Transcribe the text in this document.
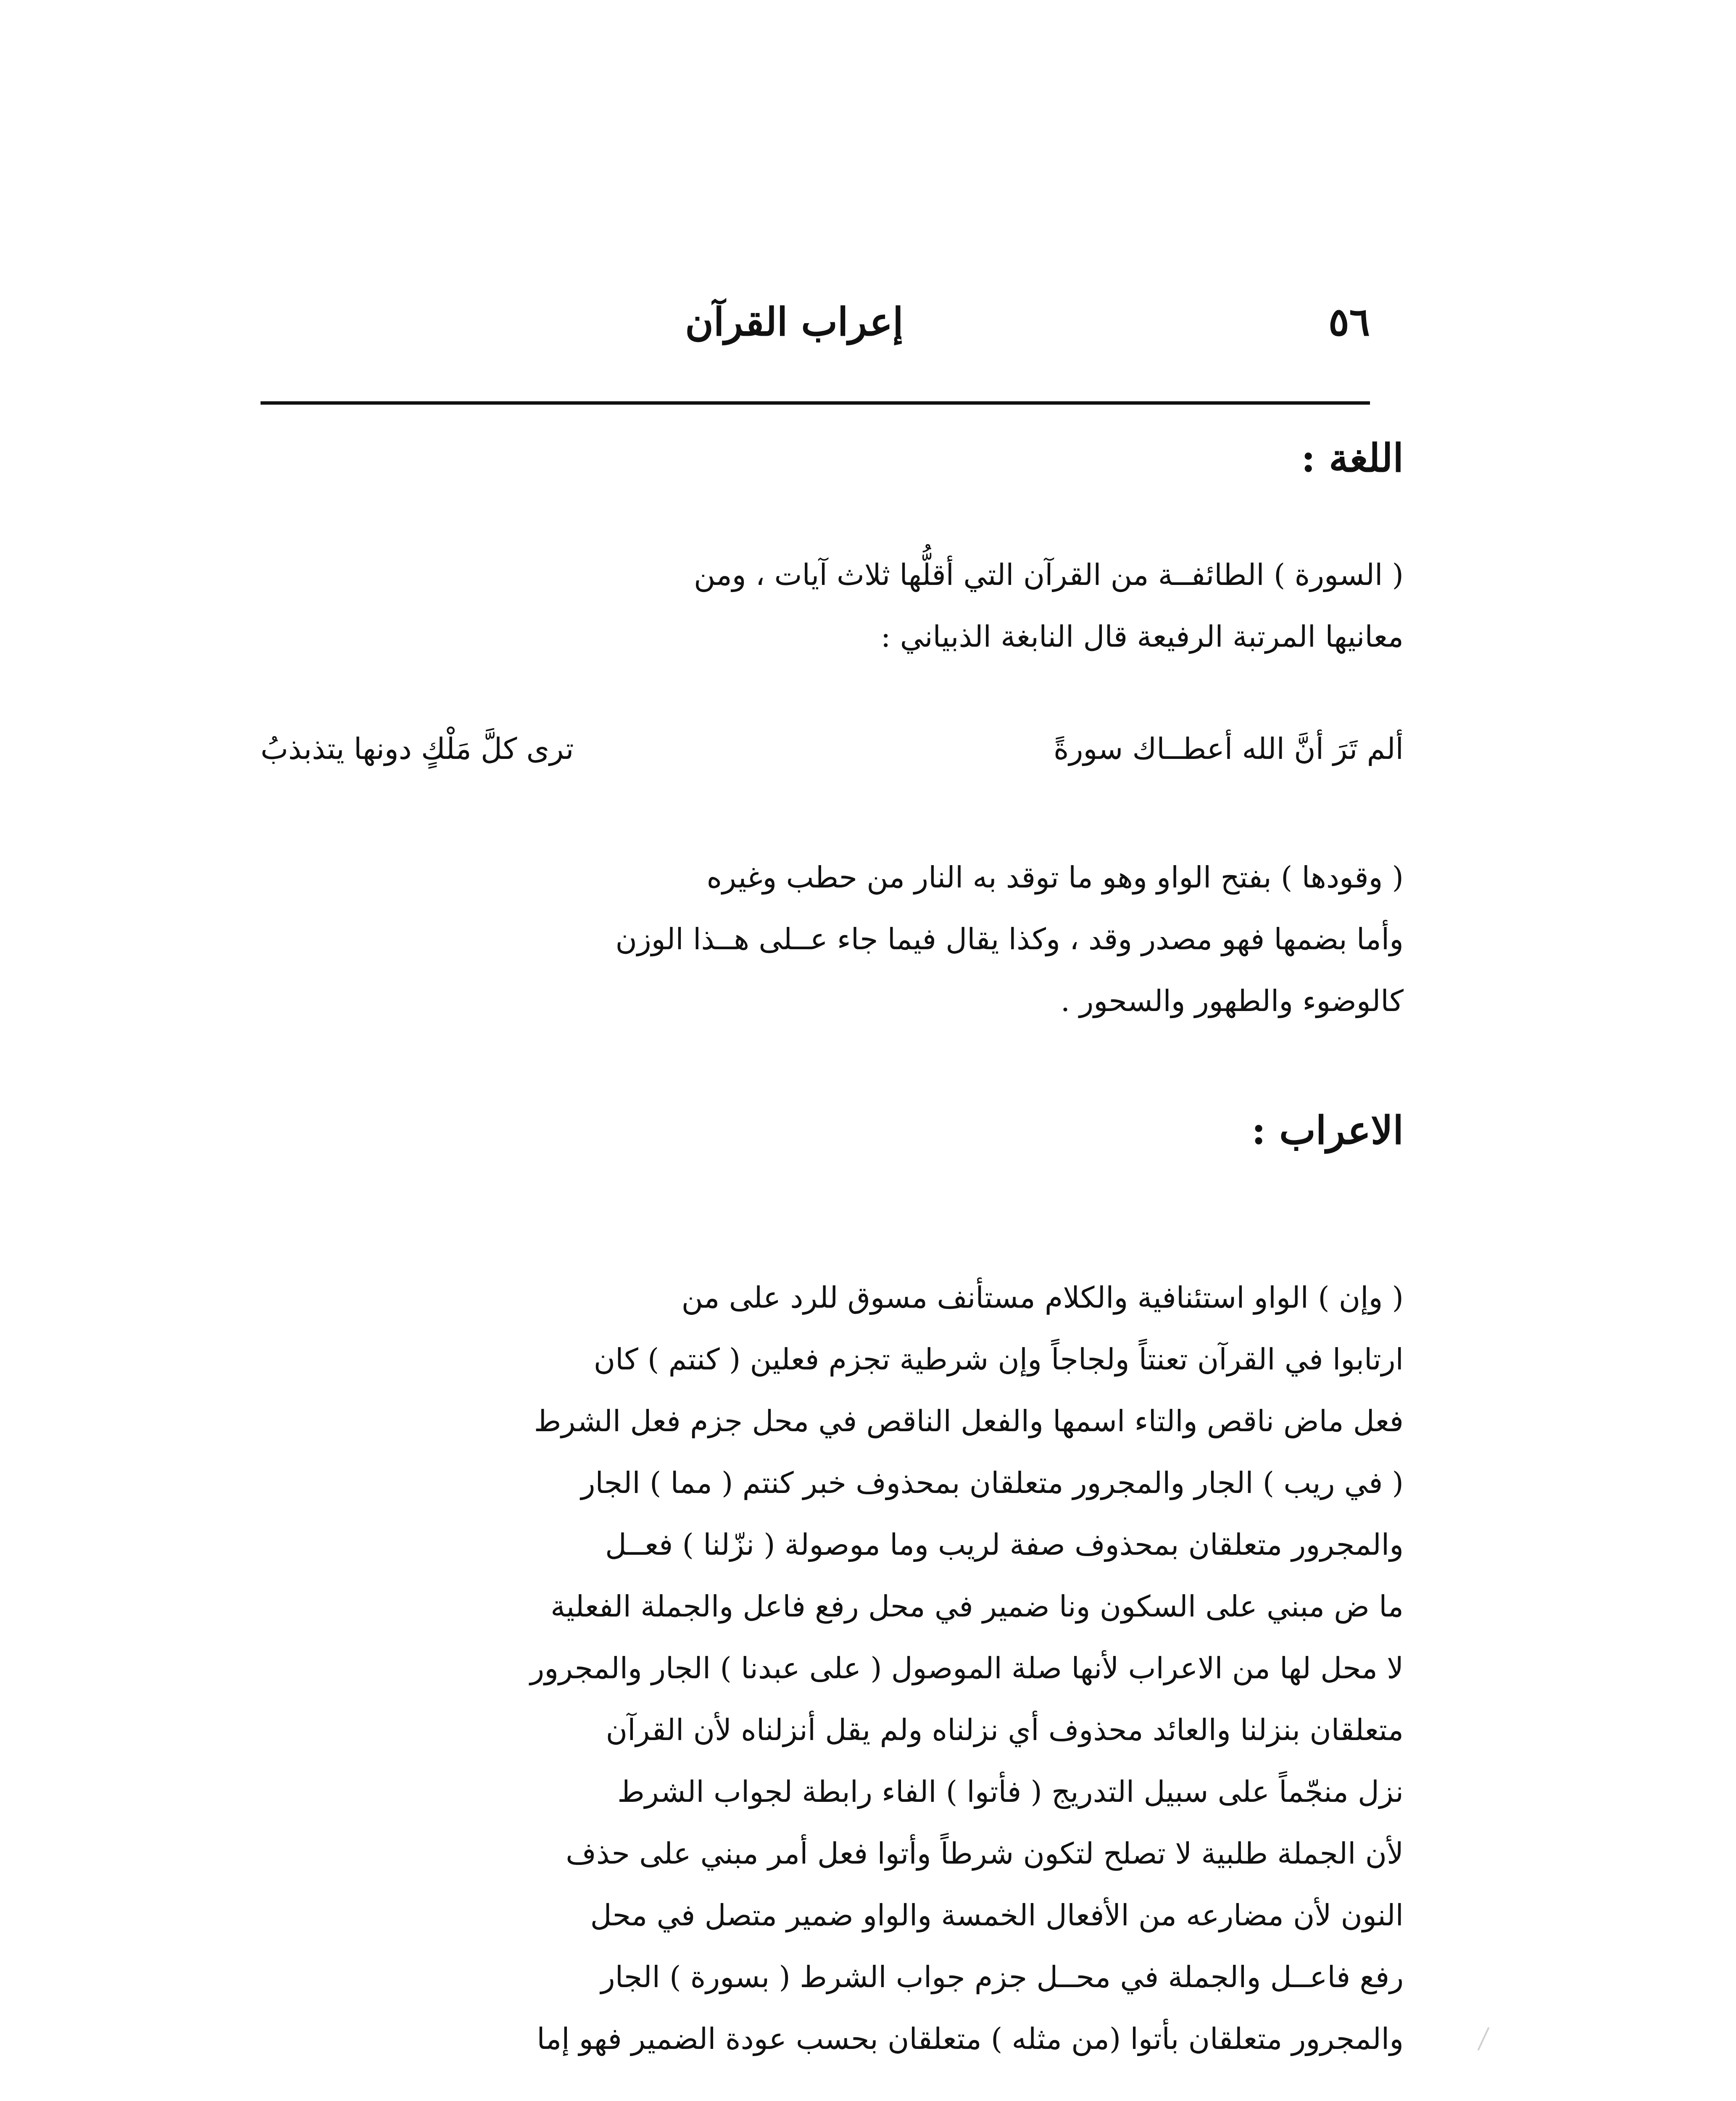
٥٦
إعراب القرآن
اللغة :

( السورة ) الطائفــة من القرآن التي أقلُّها ثلاث آيات ، ومن

معانيها المرتبة الرفيعة قال النابغة الذبياني :

ألم تَرَ أنَّ الله أعطــاك سورةً
ترى كلَّ مَلْكٍ دونها يتذبذبُ

( وقودها ) بفتح الواو وهو ما توقد به النار من حطب وغيره

وأما بضمها فهو مصدر وقد ، وكذا يقال فيما جاء عــلى هــذا الوزن

كالوضوء والطهور والسحور .

الاعراب :

( وإن ) الواو استئنافية والكلام مستأنف مسوق للرد على من

ارتابوا في القرآن تعنتاً ولجاجاً وإن شرطية تجزم فعلين ( كنتم ) كان

فعل ماض ناقص والتاء اسمها والفعل الناقص في محل جزم فعل الشرط

( في ريب ) الجار والمجرور متعلقان بمحذوف خبر كنتم ( مما ) الجار

والمجرور متعلقان بمحذوف صفة لريب وما موصولة ( نزّلنا ) فعــل

ما ض مبني على السكون ونا ضمير في محل رفع فاعل والجملة الفعلية

لا محل لها من الاعراب لأنها صلة الموصول ( على عبدنا ) الجار والمجرور

متعلقان بنزلنا والعائد محذوف أي نزلناه ولم يقل أنزلناه لأن القرآن

نزل منجّماً على سبيل التدريج ( فأتوا ) الفاء رابطة لجواب الشرط

لأن الجملة طلبية لا تصلح لتكون شرطاً وأتوا فعل أمر مبني على حذف

النون لأن مضارعه من الأفعال الخمسة والواو ضمير متصل في محل

رفع فاعــل والجملة في محــل جزم جواب الشرط ( بسورة ) الجار

والمجرور متعلقان بأتوا (من مثله ) متعلقان بحسب عودة الضمير فهو إما
